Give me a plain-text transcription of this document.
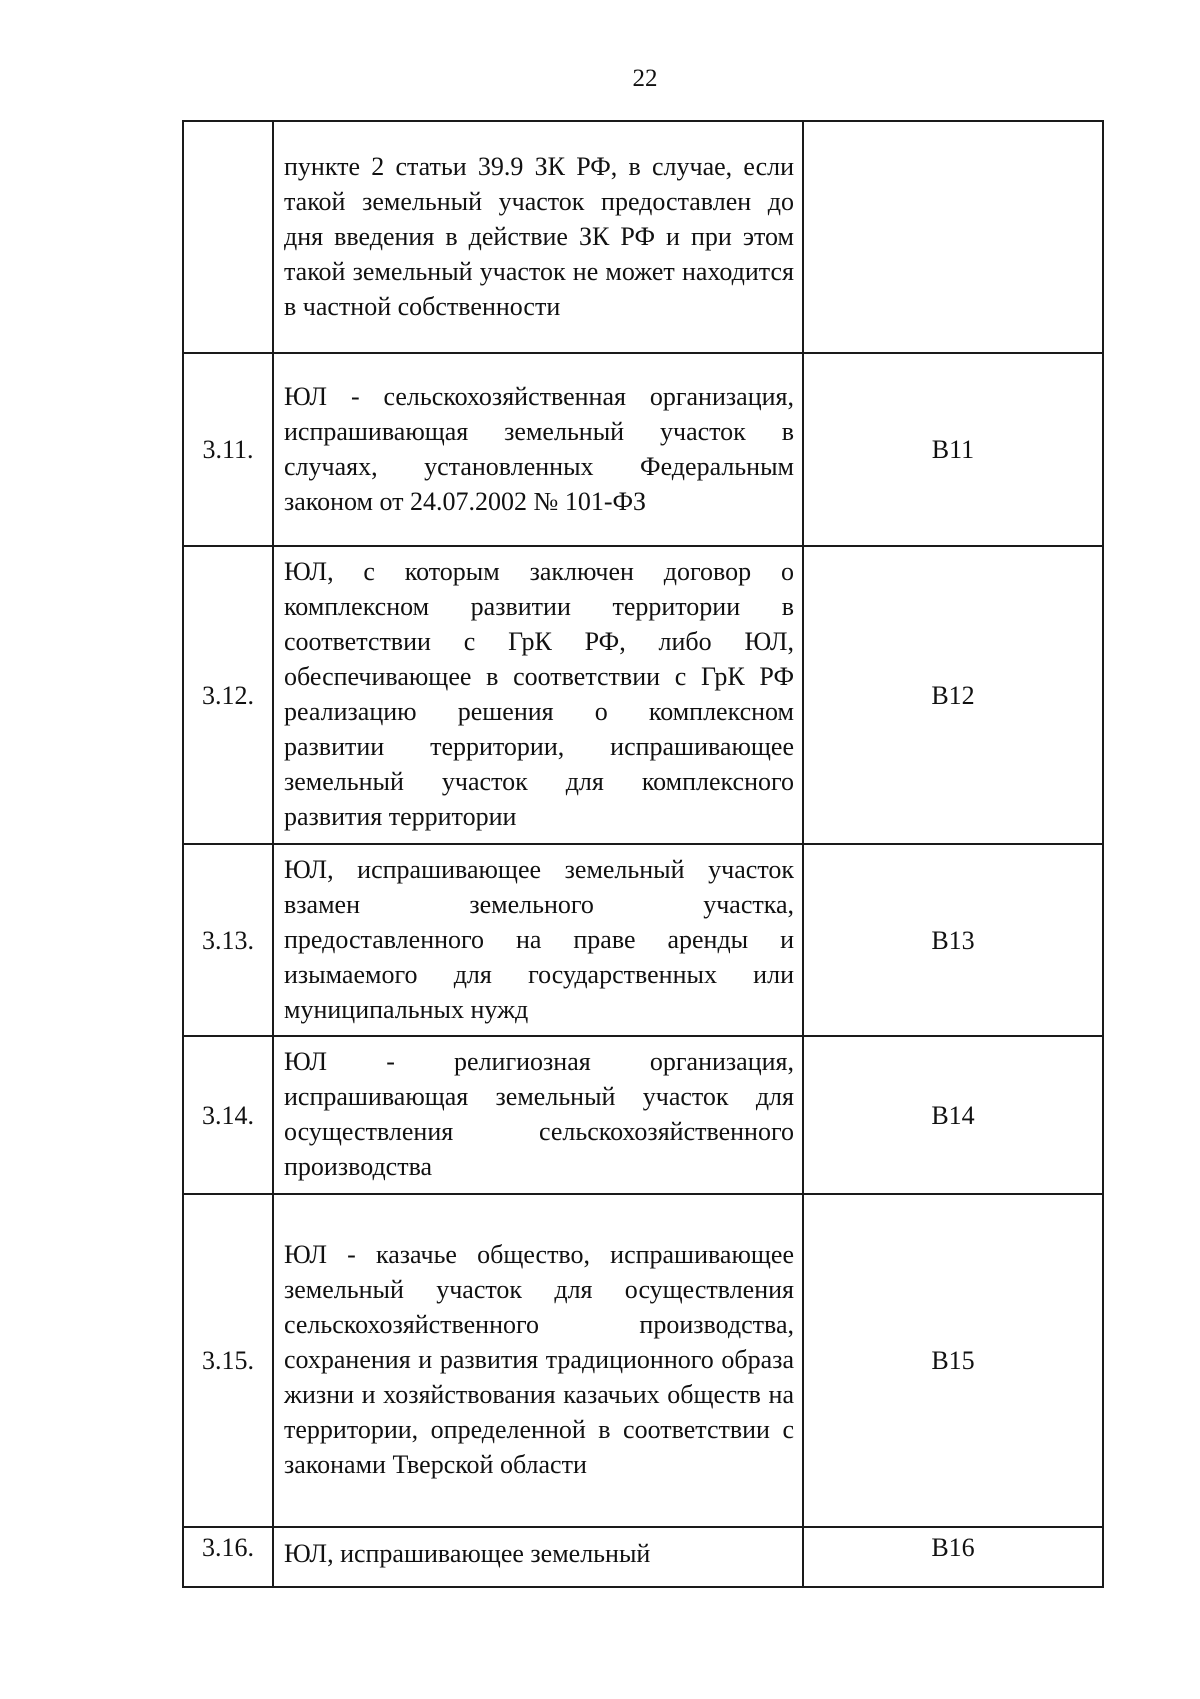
22
	пункте 2 статьи 39.9 ЗК РФ, в случае, если такой земельный участок предоставлен до дня введения в действие ЗК РФ и при этом такой земельный участок не может находится в частной собственности	
3.11.	ЮЛ - сельскохозяйственная организация, испрашивающая земельный участок в случаях, установленных Федеральным законом от 24.07.2002 № 101-ФЗ	В11
3.12.	ЮЛ, с которым заключен договор о комплексном развитии территории в соответствии с ГрК РФ, либо ЮЛ, обеспечивающее в соответствии с ГрК РФ реализацию решения о комплексном развитии территории, испрашивающее земельный участок для комплексного развития территории	В12
3.13.	ЮЛ, испрашивающее земельный участок взамен земельного участка, предоставленного на праве аренды и изымаемого для государственных или муниципальных нужд	В13
3.14.	ЮЛ - религиозная организация, испрашивающая земельный участок для осуществления сельскохозяйственного производства	В14
3.15.	ЮЛ - казачье общество, испрашивающее земельный участок для осуществления сельскохозяйственного производства, сохранения и развития традиционного образа жизни и хозяйствования казачьих обществ на территории, определенной в соответствии с законами Тверской области	В15
3.16.	ЮЛ, испрашивающее земельный	В16
